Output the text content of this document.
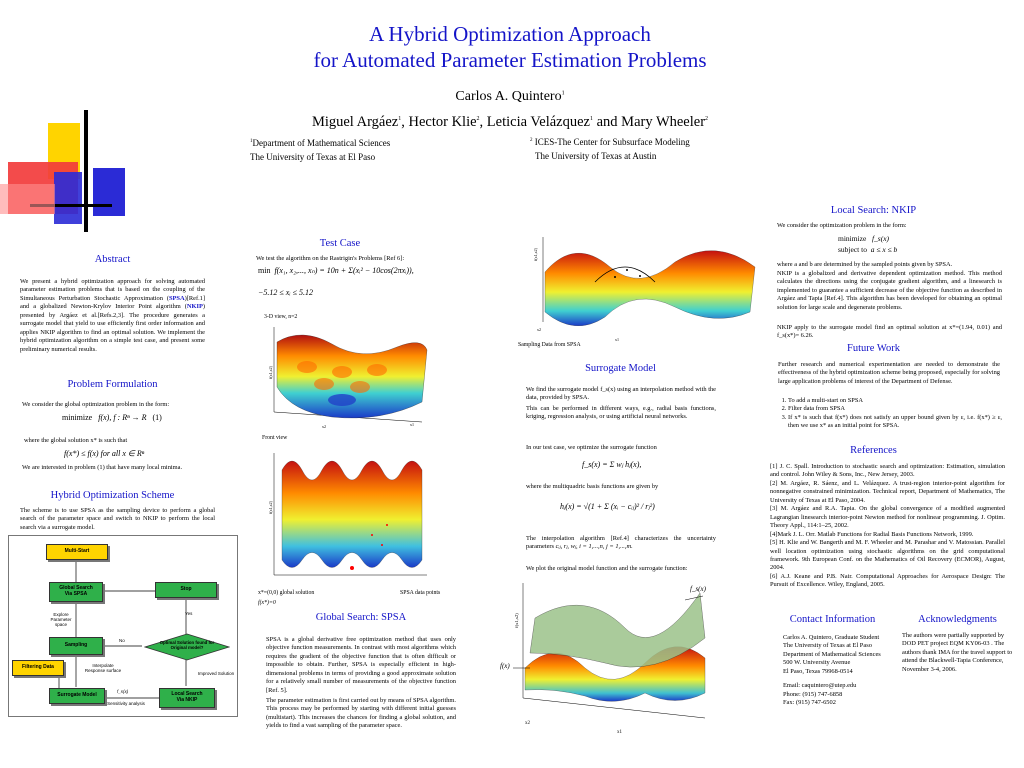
A Hybrid Optimization Approach
for Automated Parameter Estimation Problems
Carlos A. Quintero$^1$
Miguel Argáez$^1$, Hector Klie$^2$, Leticia Velázquez$^1$ and Mary Wheeler$^2$
$^1$Department of Mathematical Sciences
The University of Texas at El Paso
$^2$ ICES-The Center for Subsurface Modeling
The University of Texas at Austin
Abstract
We present a hybrid optimization approach for solving automated parameter estimation problems that is based on the coupling of the Simultaneous Perturbation Stochastic Approximation (SPSA)[Ref.1] and a globalized Newton-Krylov Interior Point algorithm (NKIP) presented by Argáez et al.[Refs.2,3]. The procedure generates a surrogate model that yield to use efficiently first order information and applies NKIP algorithm to find an optimal solution. We implement the hybrid optimization algorithm on a simple test case, and present some preliminary numerical results.
Problem Formulation
We consider the global optimization problem in the form:
minimize f(x), f : Rⁿ → R (1)
where the global solution x* is such that
f(x*) ≤ f(x) for all x ∈ Rⁿ
We are interested in problem (1) that have many local minima.
Hybrid Optimization Scheme
The scheme is to use SPSA as the sampling device to perform a global search of the parameter space and switch to NKIP to perform the local search via a surrogate model.
Multi-Start
Global Search
Via SPSA
Stop
Explore
Parameter
space
Yes
No
Sampling	Optimal Solution found for
Original model?
Filtering Data	Interpolate
Response surface
Improved Solution
f_s(x)
Surrogate Model
Sensitivity analysis
Local Search
Via NKIP
Test Case
We test the algorithm on the Rastrigin's Problems [Ref 6]:
min f(x₁, x₂,..., xₙ) = 10n + Σ(xᵢ² − 10cos(2πxᵢ)),
−5.12 ≤ xᵢ ≤ 5.12
3-D view, n=2
f(x1,x2)
x2	x1
Front view
f(x1,x2)
x*=(0,0) global solution
f(x*)=0
SPSA data points
Global Search: SPSA
SPSA is a global derivative free optimization method that uses only objective function measurements. In contrast with most algorithms which requires the gradient of the objective function that is often difficult or impossible to obtain. Further, SPSA is especially efficient in high-dimensional problems in terms of providing a good approximate solution for a relatively small number of measurements of the objective function [Ref. 5].
The parameter estimation is first carried out by means of SPSA algorithm. This process may be performed by starting with different initial guesses (multistart). This increases the chances for finding a global solution, and yields to find a vast sampling of the parameter space.
f(x1,x2)
x2
x1
Sampling Data from SPSA
Surrogate Model
We find the surrogate model f_s(x) using an interpolation method with the data, provided by SPSA.
This can be performed in different ways, e.g., radial basis functions, kriging, regression analysis, or using artificial neural networks.
In our test case, we optimize the surrogate function
f_s(x) = Σ wⱼ hⱼ(x),
where the multiquadric basis functions are given by
hⱼ(x) = √(1 + Σ (xᵢ − cᵢⱼ)² / rⱼ²)
The interpolation algorithm [Ref.4] characterizes the uncertainty parameters cᵢⱼ, rⱼ, wⱼ, i = 1,...,n, j = 1,...,m.
We plot the original model function and the surrogate function:
f_s(x)
f(x)
f(x1,x2)
x2
x1
Local Search: NKIP
We consider the optimization problem in the form:
minimize f_s(x)
subject to a ≤ x ≤ b
where a and b are determined by the sampled points given by SPSA.
NKIP is a globalized and derivative dependent optimization method. This method calculates the directions using the conjugate gradient algorithm, and a linesearch is implemented to guarantee a sufficient decrease of the objective function as described in Argáez and Tapia [Ref.4]. This algorithm has been developed for obtaining an optimal solution for large scale and degenerate problems.
NKIP apply to the surrogate model find an optimal solution at x*=(1.94, 0.01) and f_s(x*)= 6.26.
Future Work
Further research and numerical experimentation are needed to demonstrate the effectiveness of the hybrid optimization scheme being proposed, especially for solving large application problems of interest of the Department of Defense.
1. To add a multi-start on SPSA
2. Filter data from SPSA
3. If x* is such that f(x*) does not satisfy an upper bound given by ε, i.e. f(x*) ≥ ε, then we use x* as an initial point for SPSA.
References
[1] J. C. Spall. Introduction to stochastic search and optimization: Estimation, simulation and control. John Wiley & Sons, Inc., New Jersey, 2003.
[2] M. Argáez, R. Sáenz, and L. Velázquez. A trust-region interior-point algorithm for nonnegative constrained minimization. Technical report, Department of Mathematics, The University of Texas at El Paso, 2004.
[3] M. Argáez and R.A. Tapia. On the global convergence of a modified augmented Lagrangian linesearch interior-point Newton method for nonlinear programming. J. Optim. Theory Appl., 114:1–25, 2002.
[4]Mark J. L. Orr. Matlab Functions for Radial Basis Functions Network, 1999.
[5] H. Klie and W. Bangerth and M. F. Wheeler and M. Parashar and V. Matossian. Parallel well location optimization using stochastic algorithms on the grid computational framework. 9th European Conf. on the Mathematics of Oil Recovery (ECMOR), August, 2004.
[6] A.J. Keane and P.B. Nair. Computational Approaches for Aerospace Design: The Pursuit of Excellence. Wiley, England, 2005.
Contact Information
Carlos A. Quintero, Graduate Student
The University of Texas at El Paso
Department of Mathematical Sciences
500 W. University Avenue
El Paso, Texas 79968-0514
Email: caquintero@utep.edu
Phone: (915) 747-6858
Fax: (915) 747-6502
Acknowledgments
The authors were partially supported by DOD PET project EQM KY06-03 . The authors thank IMA for the travel support to attend the Blackwell-Tapia Conference, November 3-4, 2006.
